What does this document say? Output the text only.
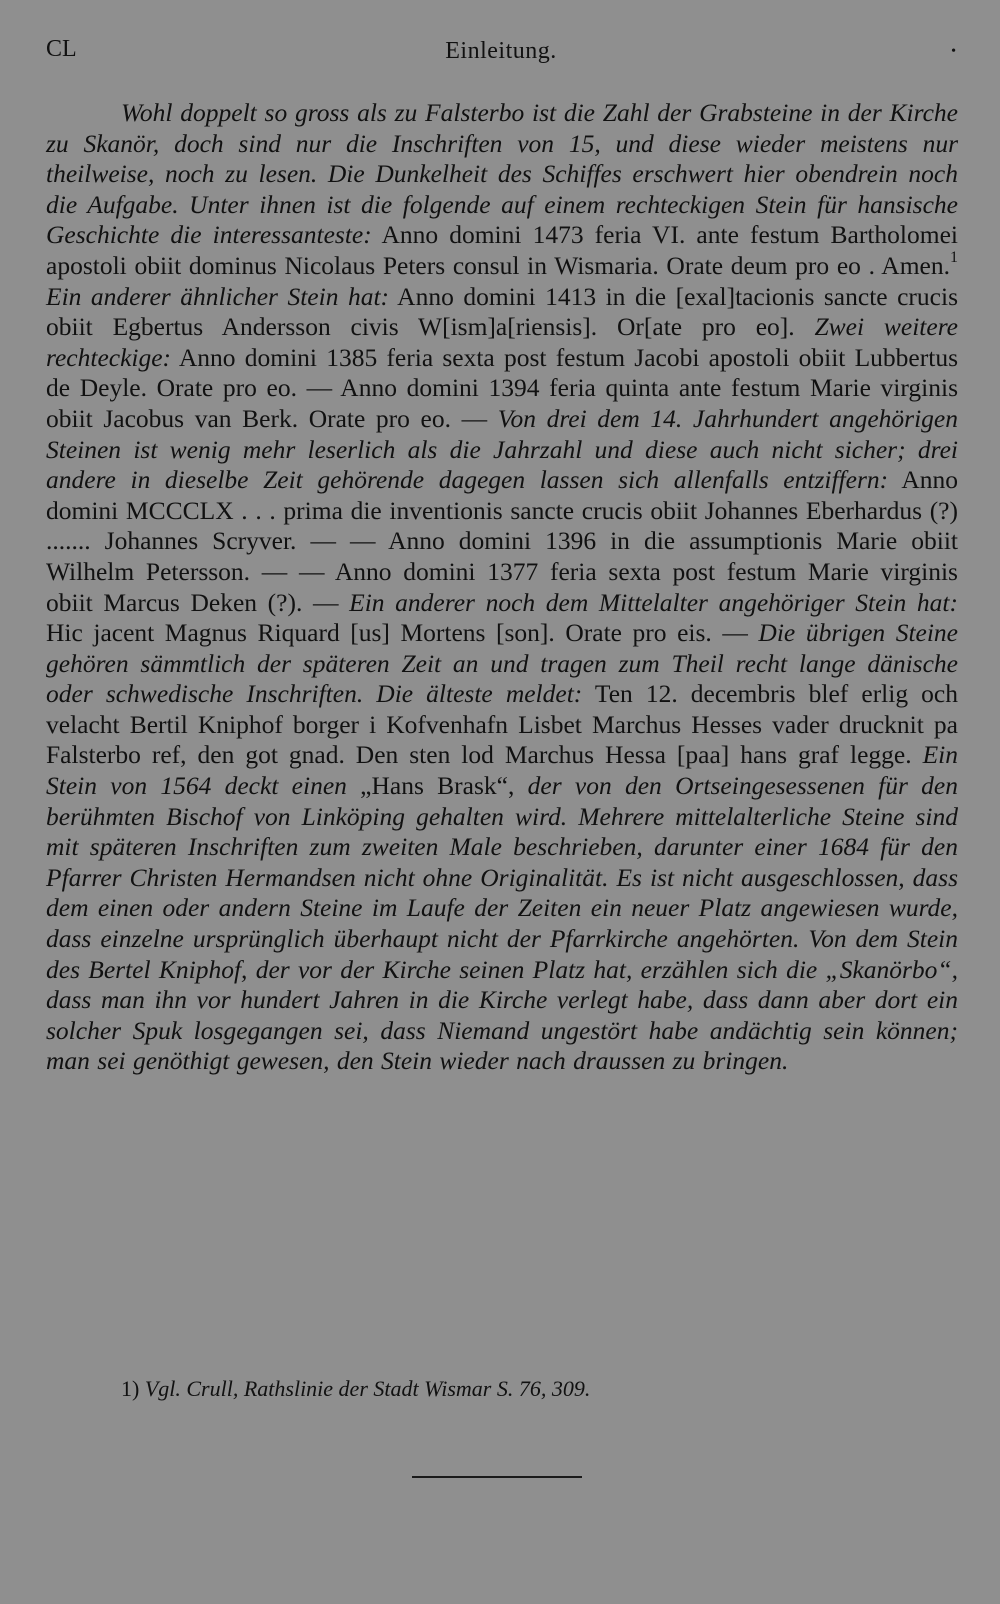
CL	Einleitung.	•

Wohl doppelt so gross als zu Falsterbo ist die Zahl der Grabsteine in der Kirche zu Skanör, doch sind nur die Inschriften von 15, und diese wieder meistens nur theilweise, noch zu lesen. Die Dunkelheit des Schiffes erschwert hier obendrein noch die Aufgabe. Unter ihnen ist die folgende auf einem rechteckigen Stein für hansische Geschichte die interessanteste: Anno domini 1473 feria VI. ante festum Bartholomei apostoli obiit dominus Nicolaus Peters consul in Wismaria. Orate deum pro eo . Amen.$^1$ Ein anderer ähnlicher Stein hat: Anno domini 1413 in die [exal]tacionis sancte crucis obiit Egbertus Andersson civis W[ism]a[riensis]. Or[ate pro eo]. Zwei weitere rechteckige: Anno domini 1385 feria sexta post festum Jacobi apostoli obiit Lubbertus de Deyle. Orate pro eo. — Anno domini 1394 feria quinta ante festum Marie virginis obiit Jacobus van Berk. Orate pro eo. — Von drei dem 14. Jahrhundert angehörigen Steinen ist wenig mehr leserlich als die Jahrzahl und diese auch nicht sicher; drei andere in dieselbe Zeit gehörende dagegen lassen sich allenfalls entziffern: Anno domini MCCCLX . . . prima die inventionis sancte crucis obiit Johannes Eberhardus (?) ....... Johannes Scryver. — — Anno domini 1396 in die assumptionis Marie obiit Wilhelm Petersson. — — Anno domini 1377 feria sexta post festum Marie virginis obiit Marcus Deken (?). — Ein anderer noch dem Mittelalter angehöriger Stein hat: Hic jacent Magnus Riquard [us] Mortens [son]. Orate pro eis. — Die übrigen Steine gehören sämmtlich der späteren Zeit an und tragen zum Theil recht lange dänische oder schwedische Inschriften. Die älteste meldet: Ten 12. decembris blef erlig och velacht Bertil Kniphof borger i Kofvenhafn Lisbet Marchus Hesses vader drucknit pa Falsterbo ref, den got gnad. Den sten lod Marchus Hessa [paa] hans graf legge. Ein Stein von 1564 deckt einen „Hans Brask“, der von den Ortseingesessenen für den berühmten Bischof von Linköping gehalten wird. Mehrere mittelalterliche Steine sind mit späteren Inschriften zum zweiten Male beschrieben, darunter einer 1684 für den Pfarrer Christen Hermandsen nicht ohne Originalität. Es ist nicht ausgeschlossen, dass dem einen oder andern Steine im Laufe der Zeiten ein neuer Platz angewiesen wurde, dass einzelne ursprünglich überhaupt nicht der Pfarrkirche angehörten. Von dem Stein des Bertel Kniphof, der vor der Kirche seinen Platz hat, erzählen sich die „Skanörbo“, dass man ihn vor hundert Jahren in die Kirche verlegt habe, dass dann aber dort ein solcher Spuk losgegangen sei, dass Niemand ungestört habe andächtig sein können; man sei genöthigt gewesen, den Stein wieder nach draussen zu bringen.

1) Vgl. Crull, Rathslinie der Stadt Wismar S. 76, 309.
